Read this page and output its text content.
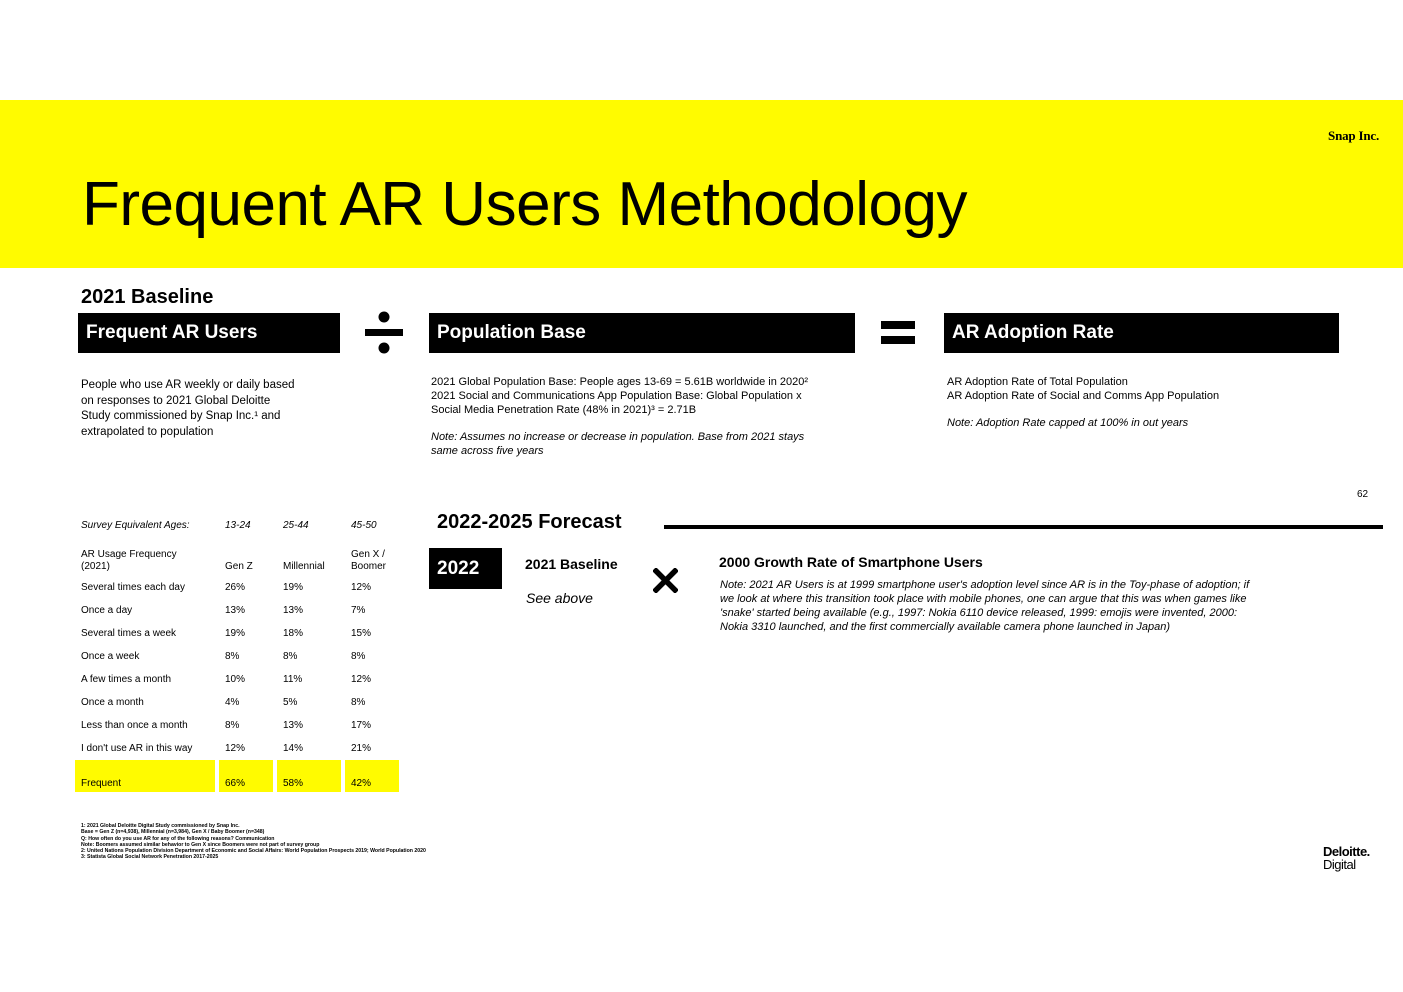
Snap Inc.
Frequent AR Users Methodology
2021 Baseline
Frequent AR Users	Population Base	AR Adoption Rate

People who use AR weekly or daily based

on responses to 2021 Global Deloitte

Study commissioned by Snap Inc.¹ and

extrapolated to population

2021 Global Population Base: People ages 13-69 = 5.61B worldwide in 2020²

2021 Social and Communications App Population Base: Global Population x

Social Media Penetration Rate (48% in 2021)³ = 2.71B

Note: Assumes no increase or decrease in population. Base from 2021 stays

same across five years

AR Adoption Rate of Total Population

AR Adoption Rate of Social and Comms App Population

Note: Adoption Rate capped at 100% in out years

62
Survey Equivalent Ages:	13-24	25-44	45-50
AR Usage Frequency
(2021)	Gen Z	Millennial	Gen X /
Boomer
Several times each day	26%	19%	12%
Once a day	13%	13%	7%
Several times a week	19%	18%	15%
Once a week	8%	8%	8%
A few times a month	10%	11%	12%
Once a month	4%	5%	8%
Less than once a month	8%	13%	17%
I don't use AR in this way	12%	14%	21%
Frequent	66%	58%	42%
2022-2025 Forecast
2022	2021 Baseline
See above
2000 Growth Rate of Smartphone Users

Note: 2021 AR Users is at 1999 smartphone user's adoption level since AR is in the Toy-phase of adoption; if

we look at where this transition took place with mobile phones, one can argue that this was when games like

'snake' started being available (e.g., 1997: Nokia 6110 device released, 1999: emojis were invented, 2000:

Nokia 3310 launched, and the first commercially available camera phone launched in Japan)

1: 2021 Global Deloitte Digital Study commissioned by Snap Inc.

Base = Gen Z (n=4,938), Millennial (n=3,984), Gen X / Baby Boomer (n=348)

Q: How often do you use AR for any of the following reasons? Communication

Note: Boomers assumed similar behavior to Gen X since Boomers were not part of survey group

2: United Nations Population Division Department of Economic and Social Affairs: World Population Prospects 2019; World Population 2020

3: Statista Global Social Network Penetration 2017-2025	Deloitte.
Digital
